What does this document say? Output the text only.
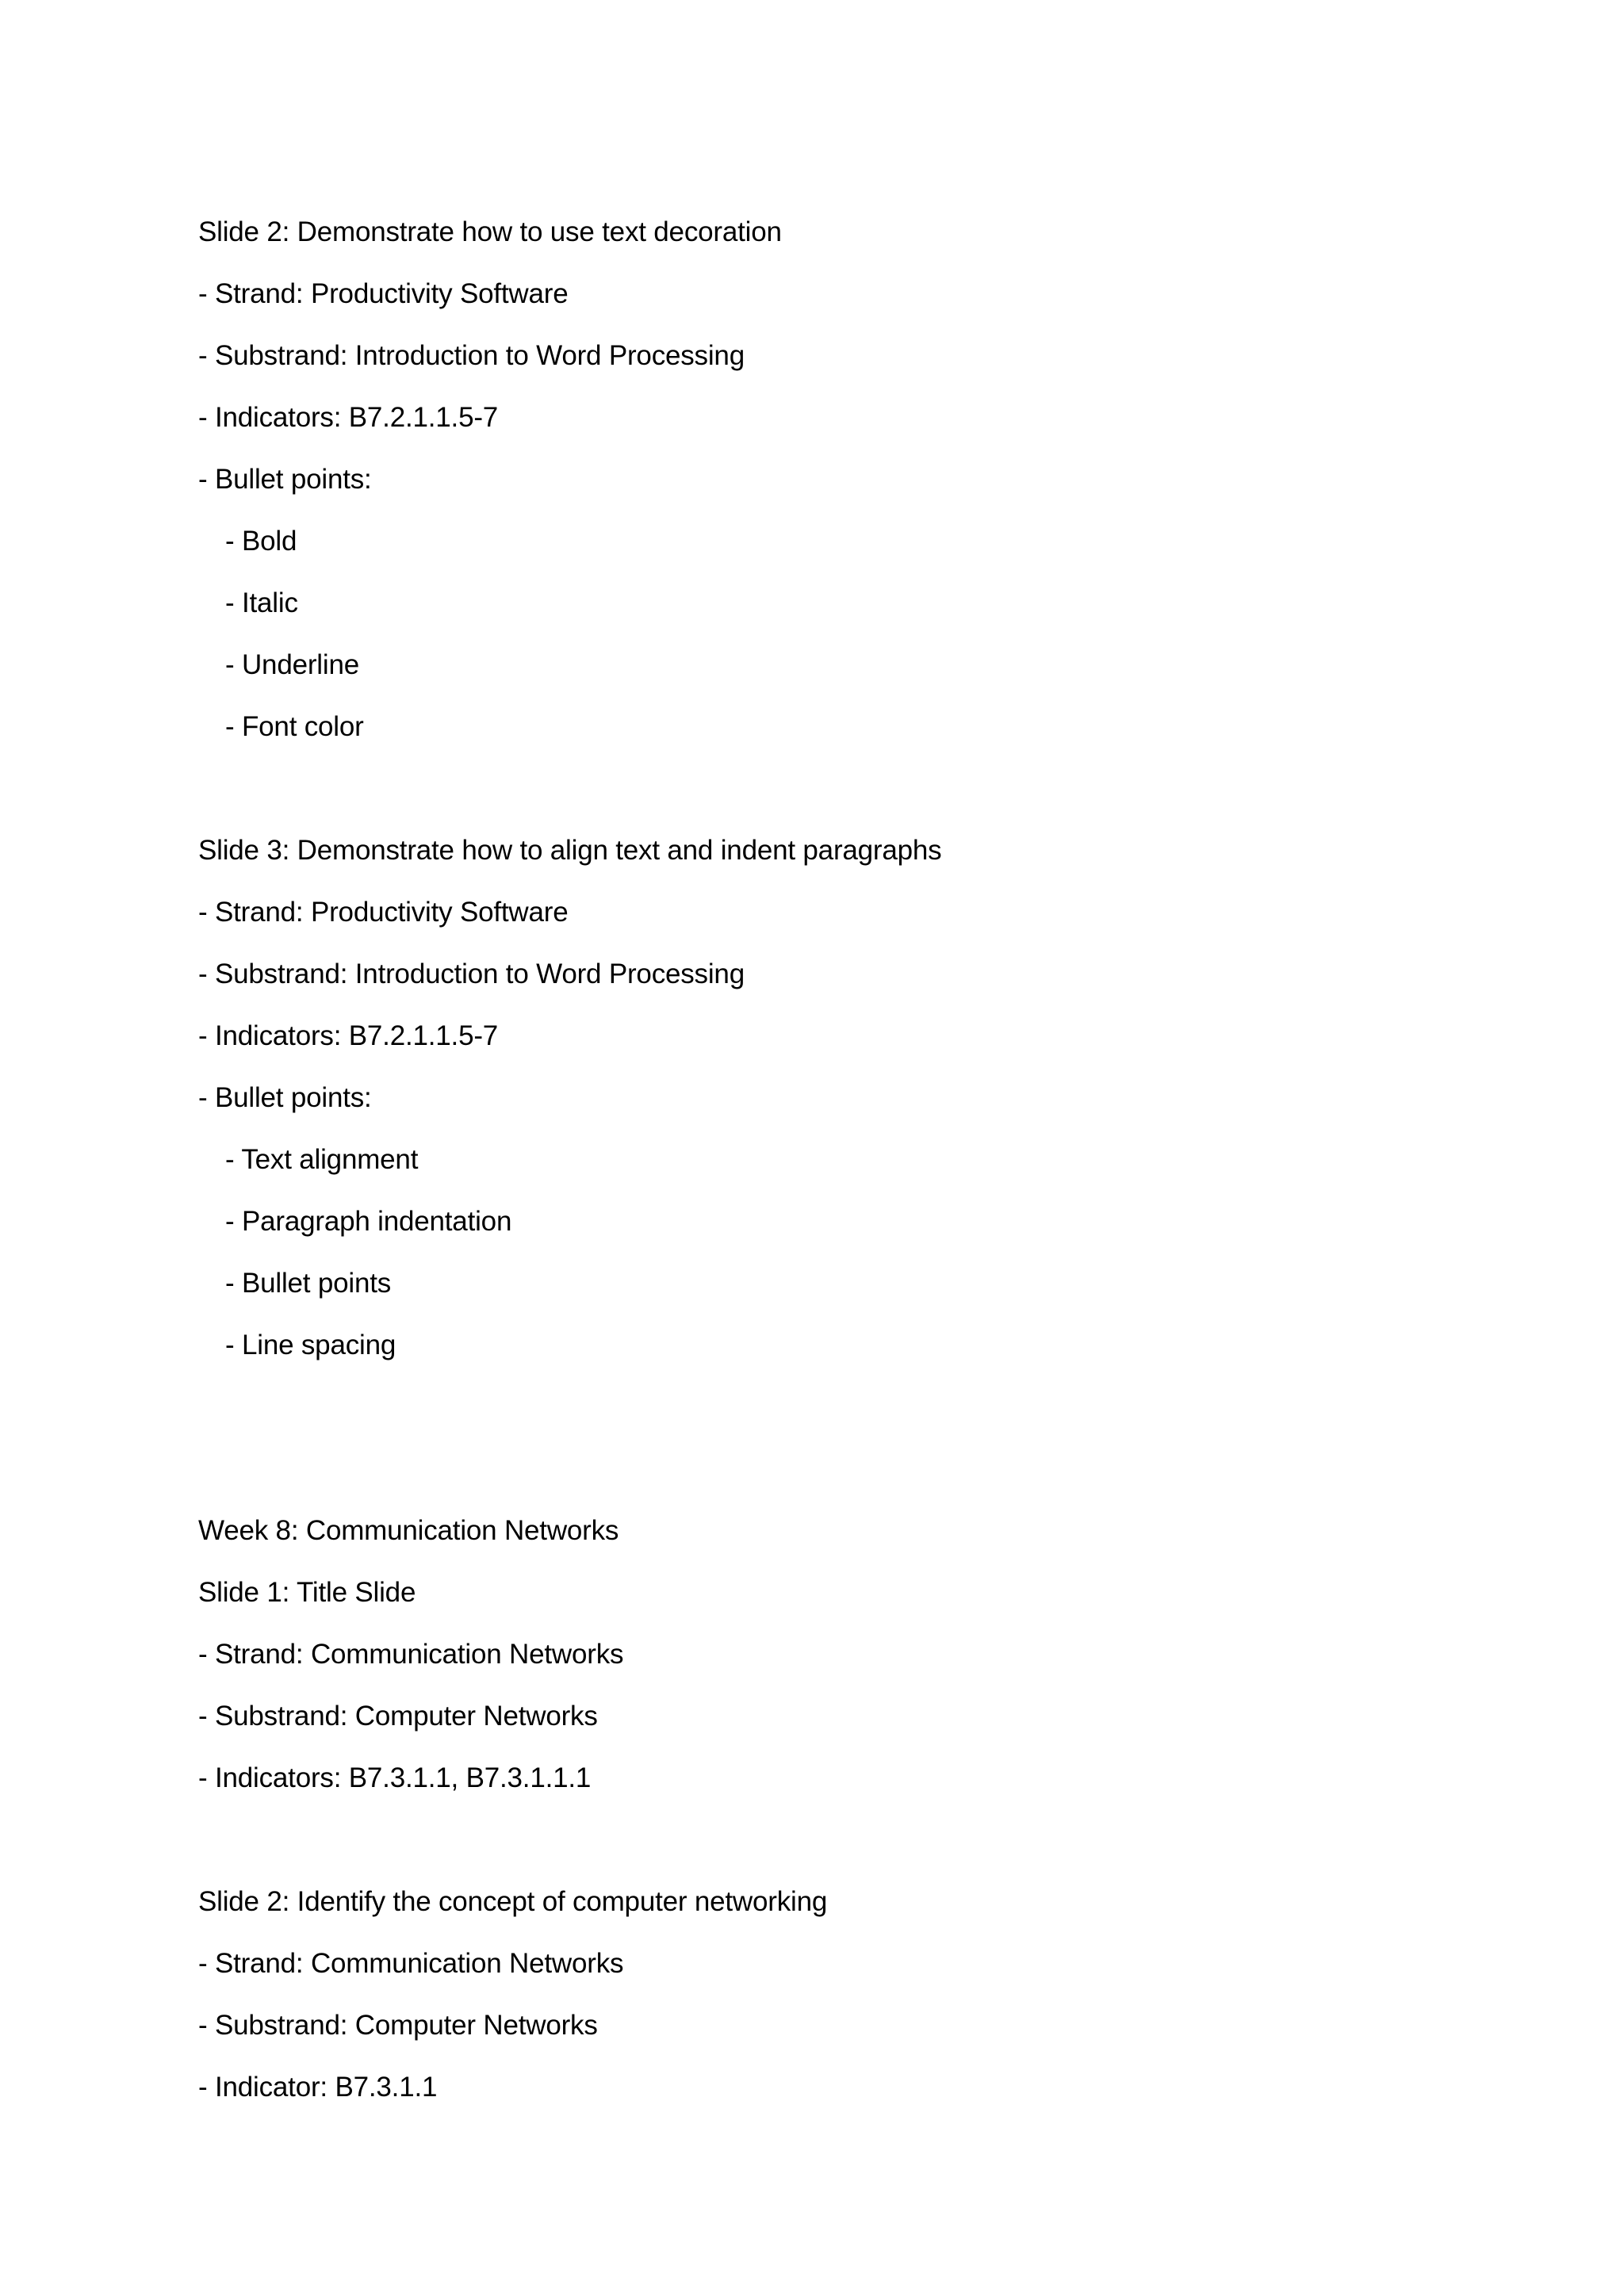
Slide 2: Demonstrate how to use text decoration
- Strand: Productivity Software
- Substrand: Introduction to Word Processing
- Indicators: B7.2.1.1.5-7
- Bullet points:
- Bold
- Italic
- Underline
- Font color
Slide 3: Demonstrate how to align text and indent paragraphs
- Strand: Productivity Software
- Substrand: Introduction to Word Processing
- Indicators: B7.2.1.1.5-7
- Bullet points:
- Text alignment
- Paragraph indentation
- Bullet points
- Line spacing
Week 8: Communication Networks
Slide 1: Title Slide
- Strand: Communication Networks
- Substrand: Computer Networks
- Indicators: B7.3.1.1, B7.3.1.1.1
Slide 2: Identify the concept of computer networking
- Strand: Communication Networks
- Substrand: Computer Networks
- Indicator: B7.3.1.1
